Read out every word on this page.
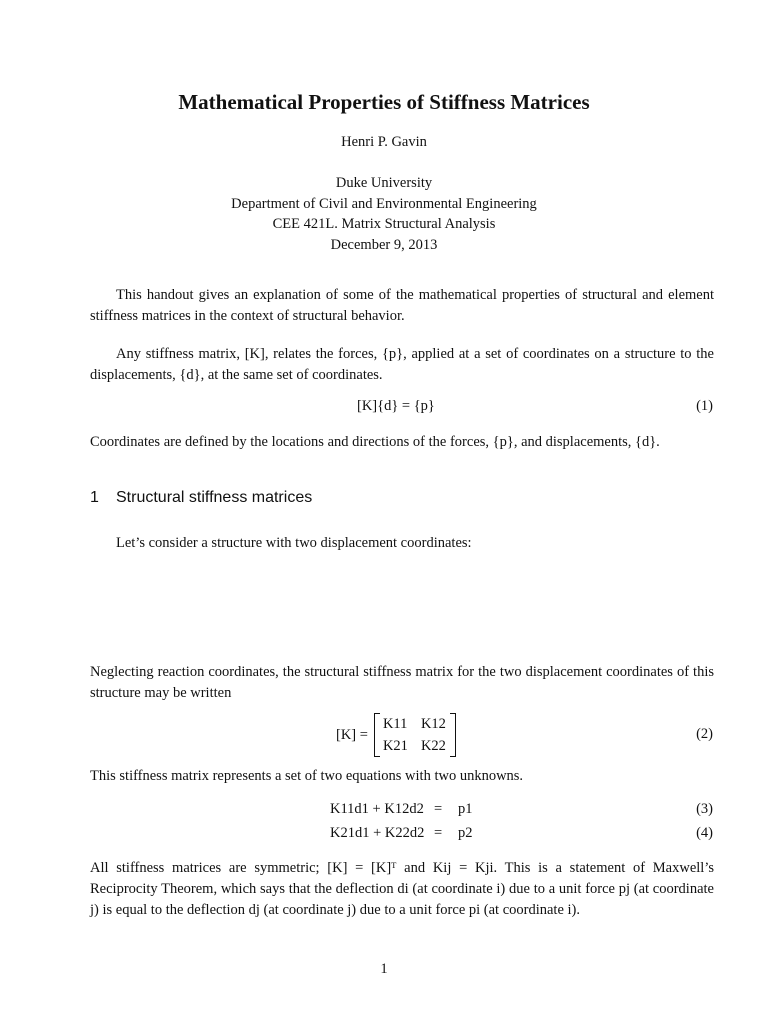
Mathematical Properties of Stiffness Matrices
Henri P. Gavin
Duke University
Department of Civil and Environmental Engineering
CEE 421L. Matrix Structural Analysis
December 9, 2013

This handout gives an explanation of some of the mathematical properties of structural and element stiffness matrices in the context of structural behavior.

Any stiffness matrix, [K], relates the forces, {p}, applied at a set of coordinates on a structure to the displacements, {d}, at the same set of coordinates.

[K]{d} = {p}	(1)

Coordinates are defined by the locations and directions of the forces, {p}, and displacements, {d}.

1 Structural stiffness matrices

Let’s consider a structure with two displacement coordinates:

Neglecting reaction coordinates, the structural stiffness matrix for the two displacement coordinates of this structure may be written

[K] =
K11 K12
K21 K22
(2)

This stiffness matrix represents a set of two equations with two unknowns.

K11d1 + K12d2 = p1	(3)
K21d1 + K22d2 = p2	(4)

All stiffness matrices are symmetric; [K] = [K]ᵀ and Kij = Kji. This is a statement of Maxwell’s Reciprocity Theorem, which says that the deflection di (at coordinate i) due to a unit force pj (at coordinate j) is equal to the deflection dj (at coordinate j) due to a unit force pi (at coordinate i).

1
